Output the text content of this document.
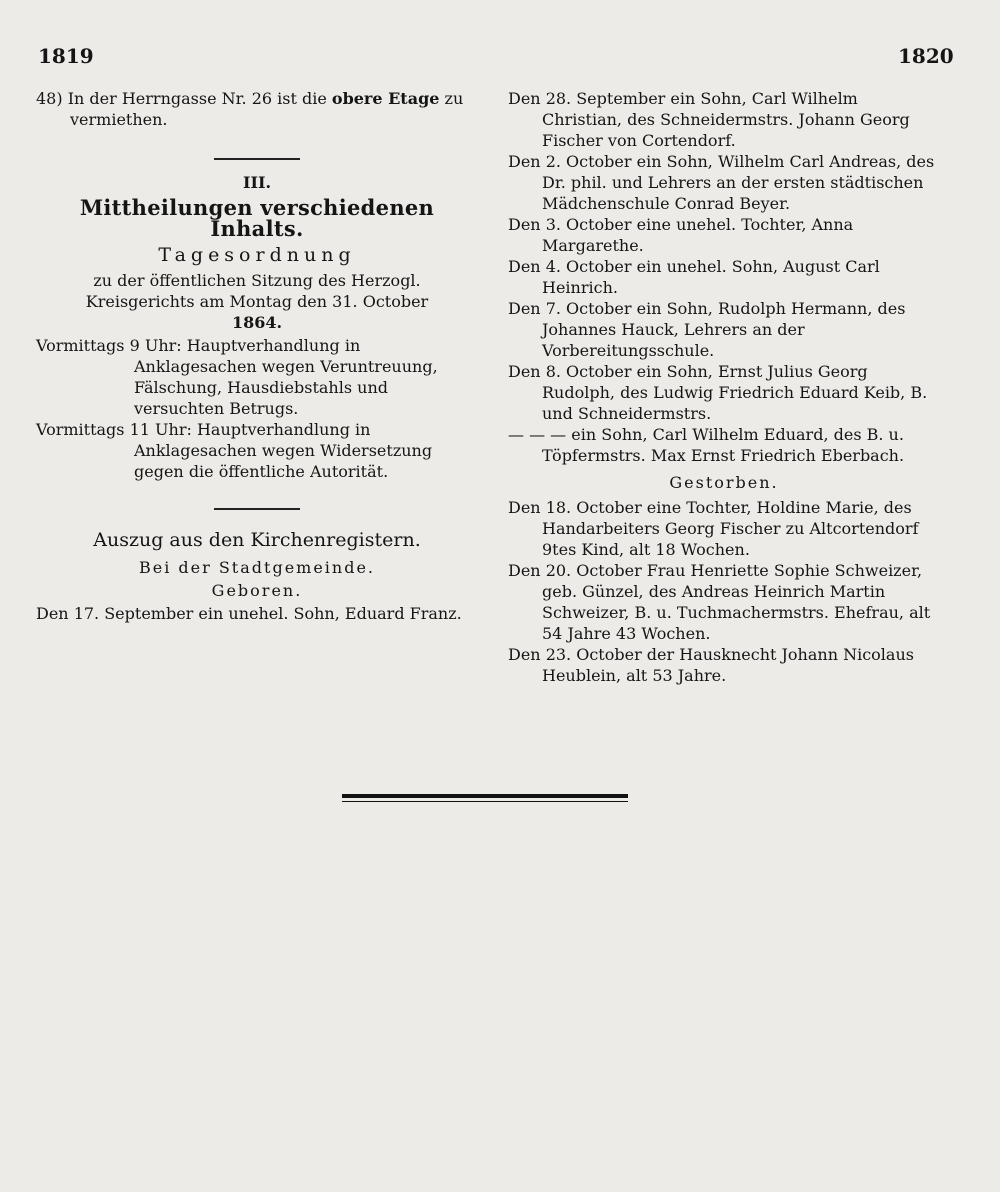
1819	1820

48) In der Herrngasse Nr. 26 ist die obere Etage zu vermiethen.

III.
Mittheilungen verschiedenen Inhalts.
Tagesordnung
zu der öffentlichen Sitzung des Herzogl. Kreisgerichts am Montag den 31. October
1864.

Vormittags 9 Uhr: Hauptverhandlung in Anklagesachen wegen Veruntreuung, Fälschung, Hausdiebstahls und versuchten Betrugs.

Vormittags 11 Uhr: Hauptverhandlung in Anklagesachen wegen Widersetzung gegen die öffentliche Autorität.

Auszug aus den Kirchenregistern.
Bei der Stadtgemeinde.
Geboren.

Den 17. September ein unehel. Sohn, Eduard Franz.

Den 28. September ein Sohn, Carl Wilhelm Christian, des Schneidermstrs. Johann Georg Fischer von Cortendorf.

Den 2. October ein Sohn, Wilhelm Carl Andreas, des Dr. phil. und Lehrers an der ersten städtischen Mädchenschule Conrad Beyer.

Den 3. October eine unehel. Tochter, Anna Margarethe.

Den 4. October ein unehel. Sohn, August Carl Heinrich.

Den 7. October ein Sohn, Rudolph Hermann, des Johannes Hauck, Lehrers an der Vorbereitungsschule.

Den 8. October ein Sohn, Ernst Julius Georg Rudolph, des Ludwig Friedrich Eduard Keib, B. und Schneidermstrs.

— — — ein Sohn, Carl Wilhelm Eduard, des B. u. Töpfermstrs. Max Ernst Friedrich Eberbach.

Gestorben.

Den 18. October eine Tochter, Holdine Marie, des Handarbeiters Georg Fischer zu Altcortendorf 9tes Kind, alt 18 Wochen.

Den 20. October Frau Henriette Sophie Schweizer, geb. Günzel, des Andreas Heinrich Martin Schweizer, B. u. Tuchmachermstrs. Ehefrau, alt 54 Jahre 43 Wochen.

Den 23. October der Hausknecht Johann Nicolaus Heublein, alt 53 Jahre.
